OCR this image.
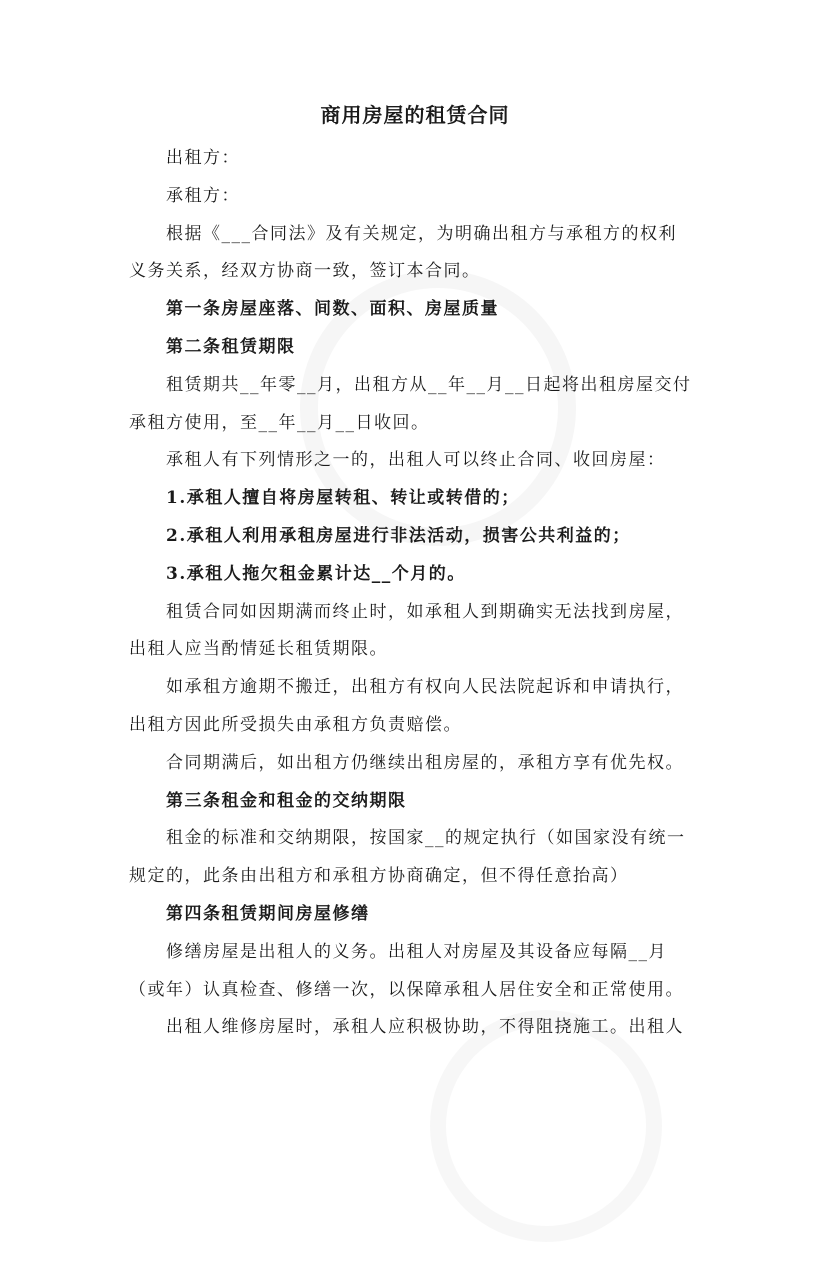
商用房屋的租赁合同
出租方：
承租方：
根据《___合同法》及有关规定，为明确出租方与承租方的权利
义务关系，经双方协商一致，签订本合同。
第一条房屋座落、间数、面积、房屋质量
第二条租赁期限
租赁期共__年零__月，出租方从__年__月__日起将出租房屋交付
承租方使用，至__年__月__日收回。
承租人有下列情形之一的，出租人可以终止合同、收回房屋：
1.承租人擅自将房屋转租、转让或转借的；
2.承租人利用承租房屋进行非法活动，损害公共利益的；
3.承租人拖欠租金累计达__个月的。
租赁合同如因期满而终止时，如承租人到期确实无法找到房屋，
出租人应当酌情延长租赁期限。
如承租方逾期不搬迁，出租方有权向人民法院起诉和申请执行，
出租方因此所受损失由承租方负责赔偿。
合同期满后，如出租方仍继续出租房屋的，承租方享有优先权。
第三条租金和租金的交纳期限
租金的标准和交纳期限，按国家__的规定执行（如国家没有统一
规定的，此条由出租方和承租方协商确定，但不得任意抬高）
第四条租赁期间房屋修缮
修缮房屋是出租人的义务。出租人对房屋及其设备应每隔__月
（或年）认真检查、修缮一次，以保障承租人居住安全和正常使用。
出租人维修房屋时，承租人应积极协助，不得阻挠施工。出租人
